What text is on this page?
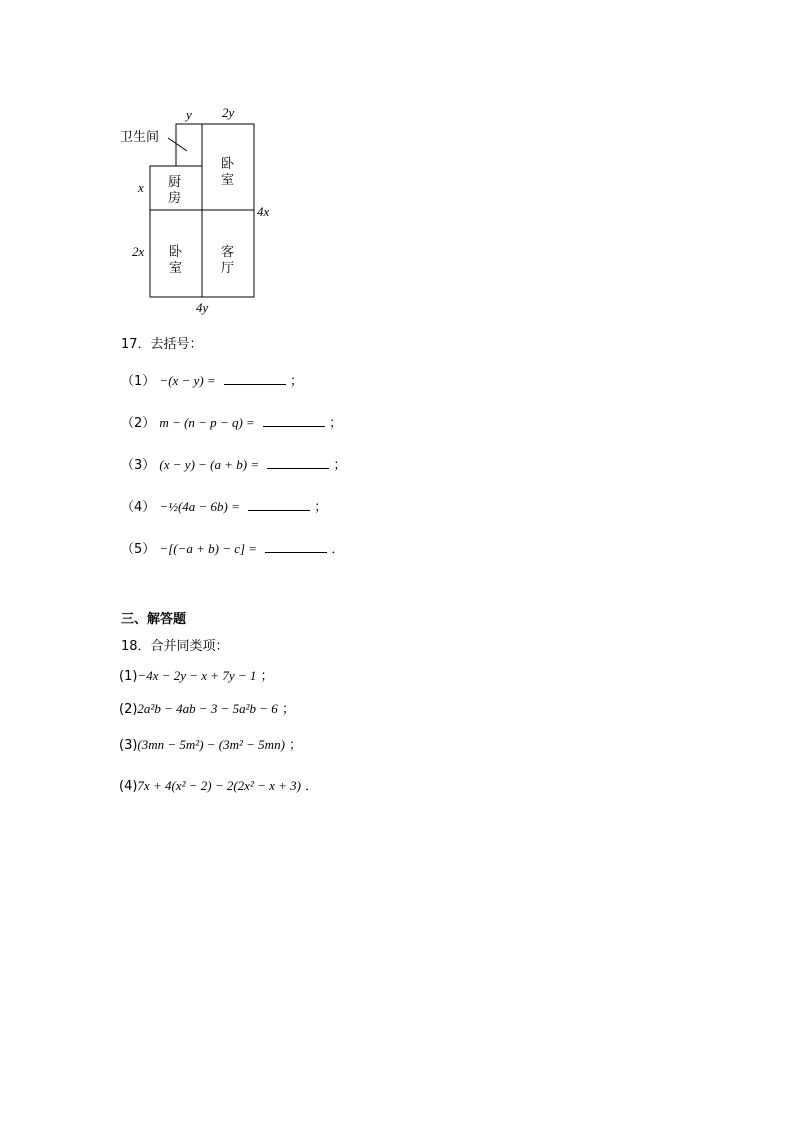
卫生间
厨
房
卧
室
卧
室
客
厅
y 2y
x
2x
4x
4y
17．去括号：
（1） −(x − y) =	；
（2） m − (n − p − q) =	；
（3） (x − y) − (a + b) =	；
（4） −½(4a − 6b) =	；
（5） −[(−a + b) − c] =	．
三、解答题
18．合并同类项：
(1)−4x − 2y − x + 7y − 1 ；
(2)2a²b − 4ab − 3 − 5a²b − 6 ；
(3)(3mn − 5m²) − (3m² − 5mn) ；
(4)7x + 4(x² − 2) − 2(2x² − x + 3) ．
